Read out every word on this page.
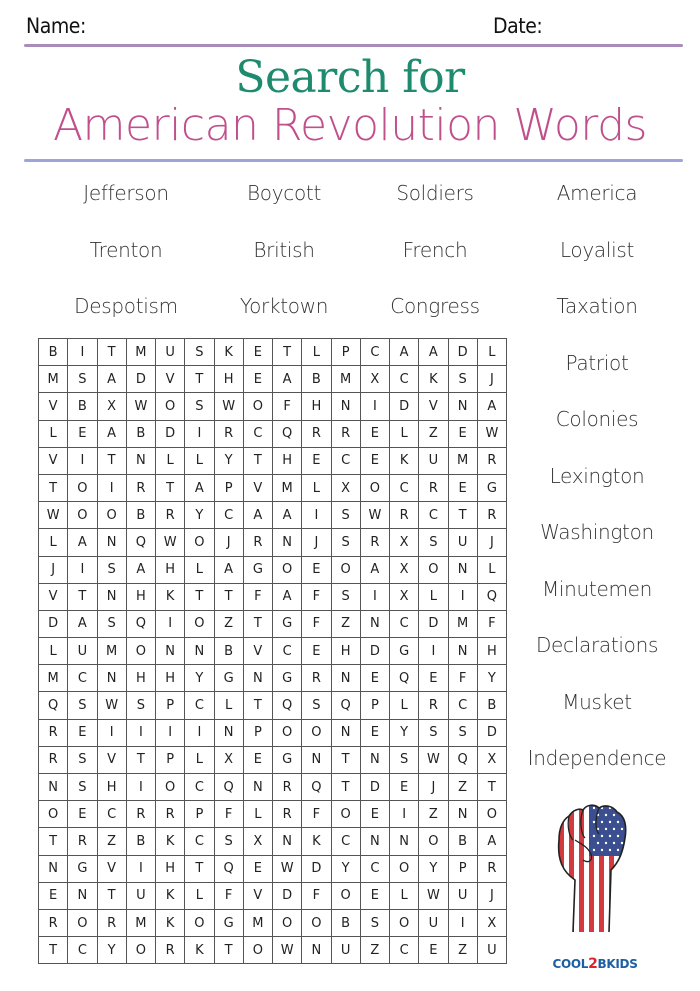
Name:	Date:
Search for
American Revolution Words
Jefferson	Boycott	Soldiers	America
Trenton	British	French	Loyalist
Despotism	Yorktown	Congress	Taxation
Patriot
Colonies
Lexington
Washington
Minutemen
Declarations
Musket
Independence
B	I	T	M	U	S	K	E	T	L	P	C	A	A	D	L
M	S	A	D	V	T	H	E	A	B	M	X	C	K	S	J
V	B	X	W	O	S	W	O	F	H	N	I	D	V	N	A
L	E	A	B	D	I	R	C	Q	R	R	E	L	Z	E	W
V	I	T	N	L	L	Y	T	H	E	C	E	K	U	M	R
T	O	I	R	T	A	P	V	M	L	X	O	C	R	E	G
W	O	O	B	R	Y	C	A	A	I	S	W	R	C	T	R
L	A	N	Q	W	O	J	R	N	J	S	R	X	S	U	J
J	I	S	A	H	L	A	G	O	E	O	A	X	O	N	L
V	T	N	H	K	T	T	F	A	F	S	I	X	L	I	Q
D	A	S	Q	I	O	Z	T	G	F	Z	N	C	D	M	F
L	U	M	O	N	N	B	V	C	E	H	D	G	I	N	H
M	C	N	H	H	Y	G	N	G	R	N	E	Q	E	F	Y
Q	S	W	S	P	C	L	T	Q	S	Q	P	L	R	C	B
R	E	I	I	I	I	N	P	O	O	N	E	Y	S	S	D
R	S	V	T	P	L	X	E	G	N	T	N	S	W	Q	X
N	S	H	I	O	C	Q	N	R	Q	T	D	E	J	Z	T
O	E	C	R	R	P	F	L	R	F	O	E	I	Z	N	O
T	R	Z	B	K	C	S	X	N	K	C	N	N	O	B	A
N	G	V	I	H	T	Q	E	W	D	Y	C	O	Y	P	R
E	N	T	U	K	L	F	V	D	F	O	E	L	W	U	J
R	O	R	M	K	O	G	M	O	O	B	S	O	U	I	X
T	C	Y	O	R	K	T	O	W	N	U	Z	C	E	Z	U
COOL2BKIDS
